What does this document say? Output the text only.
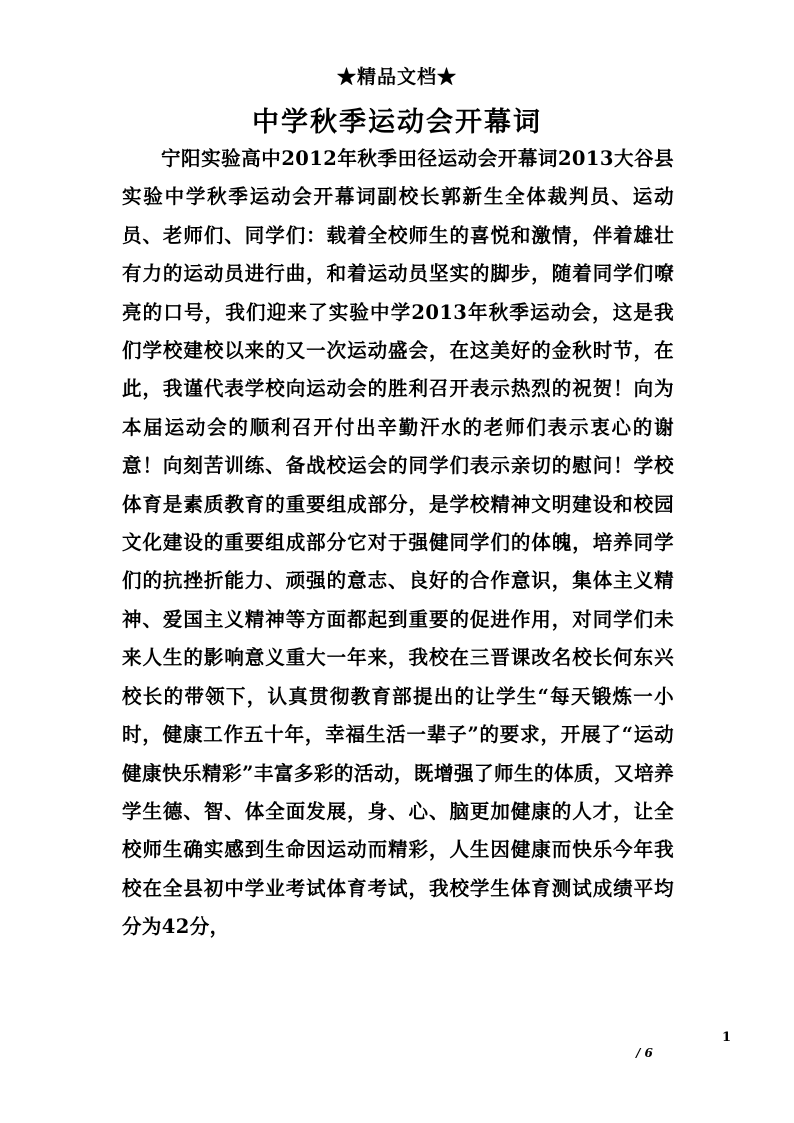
★精品文档★
中学秋季运动会开幕词

宁阳实验高中2012年秋季田径运动会开幕词2013大谷县实验中学秋季运动会开幕词副校长郭新生全体裁判员、运动员、老师们、同学们：载着全校师生的喜悦和激情，伴着雄壮有力的运动员进行曲，和着运动员坚实的脚步，随着同学们嘹亮的口号，我们迎来了实验中学2013年秋季运动会，这是我们学校建校以来的又一次运动盛会，在这美好的金秋时节，在此，我谨代表学校向运动会的胜利召开表示热烈的祝贺！向为本届运动会的顺利召开付出辛勤汗水的老师们表示衷心的谢意！向刻苦训练、备战校运会的同学们表示亲切的慰问！学校体育是素质教育的重要组成部分，是学校精神文明建设和校园文化建设的重要组成部分它对于强健同学们的体魄，培养同学们的抗挫折能力、顽强的意志、良好的合作意识，集体主义精神、爱国主义精神等方面都起到重要的促进作用，对同学们未来人生的影响意义重大一年来，我校在三晋课改名校长何东兴校长的带领下，认真贯彻教育部提出的让学生“每天锻炼一小时，健康工作五十年，幸福生活一辈子”的要求，开展了“运动健康快乐精彩”丰富多彩的活动，既增强了师生的体质，又培养学生德、智、体全面发展，身、心、脑更加健康的人才，让全校师生确实感到生命因运动而精彩，人生因健康而快乐今年我校在全县初中学业考试体育考试，我校学生体育测试成绩平均分为42分，

1
/ 6
